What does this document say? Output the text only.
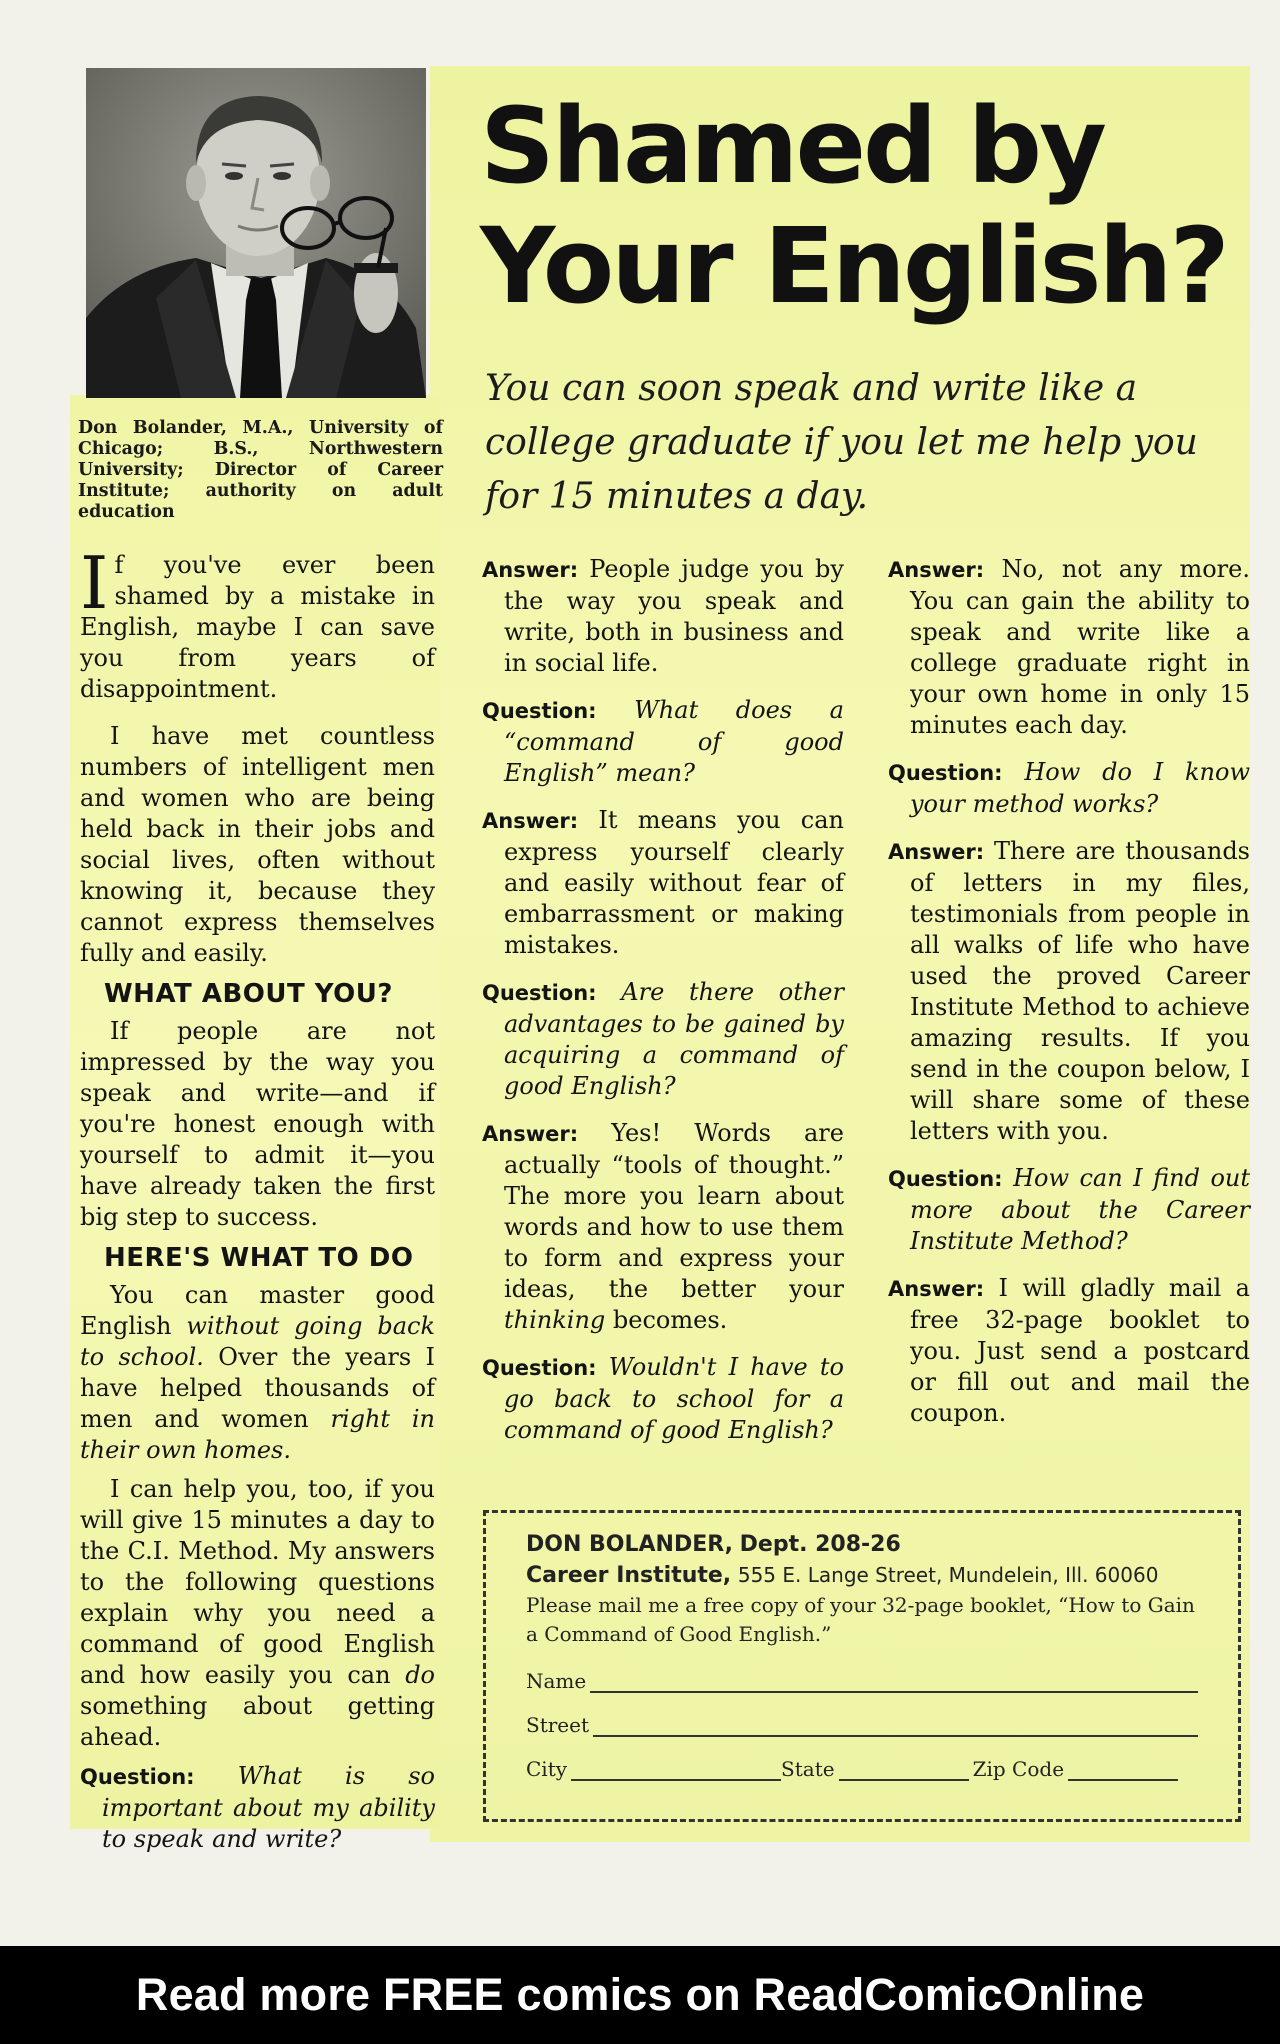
Don Bolander, M.A., University of Chicago; B.S., Northwestern University; Director of Career Institute; authority on adult education
Shamed by Your English?

You can soon speak and write like a college graduate if you let me help you for 15 minutes a day.

If you've ever been shamed by a mistake in English, maybe I can save you from years of disappointment.

I have met countless numbers of intelligent men and women who are being held back in their jobs and social lives, often without knowing it, because they cannot express themselves fully and easily.

WHAT ABOUT YOU?

If people are not impressed by the way you speak and write—and if you're honest enough with yourself to admit it—you have already taken the first big step to success.

HERE'S WHAT TO DO

You can master good English without going back to school. Over the years I have helped thousands of men and women right in their own homes.

I can help you, too, if you will give 15 minutes a day to the C.I. Method. My answers to the following questions explain why you need a command of good English and how easily you can do something about getting ahead.

Question: What is so important about my ability to speak and write?

Answer: People judge you by the way you speak and write, both in business and in social life.

Question: What does a “command of good English” mean?

Answer: It means you can express yourself clearly and easily without fear of embarrassment or making mistakes.

Question: Are there other advantages to be gained by acquiring a command of good English?

Answer: Yes! Words are actually “tools of thought.” The more you learn about words and how to use them to form and express your ideas, the better your thinking becomes.

Question: Wouldn't I have to go back to school for a command of good English?

Answer: No, not any more. You can gain the ability to speak and write like a college graduate right in your own home in only 15 minutes each day.

Question: How do I know your method works?

Answer: There are thousands of letters in my files, testimonials from people in all walks of life who have used the proved Career Institute Method to achieve amazing results. If you send in the coupon below, I will share some of these letters with you.

Question: How can I find out more about the Career Institute Method?

Answer: I will gladly mail a free 32-page booklet to you. Just send a postcard or fill out and mail the coupon.

DON BOLANDER, Dept. 208-26
Career Institute, 555 E. Lange Street, Mundelein, Ill. 60060
Please mail me a free copy of your 32-page booklet, “How to Gain a Command of Good English.”
Name
Street
City	State	Zip Code
Read more FREE comics on ReadComicOnline
